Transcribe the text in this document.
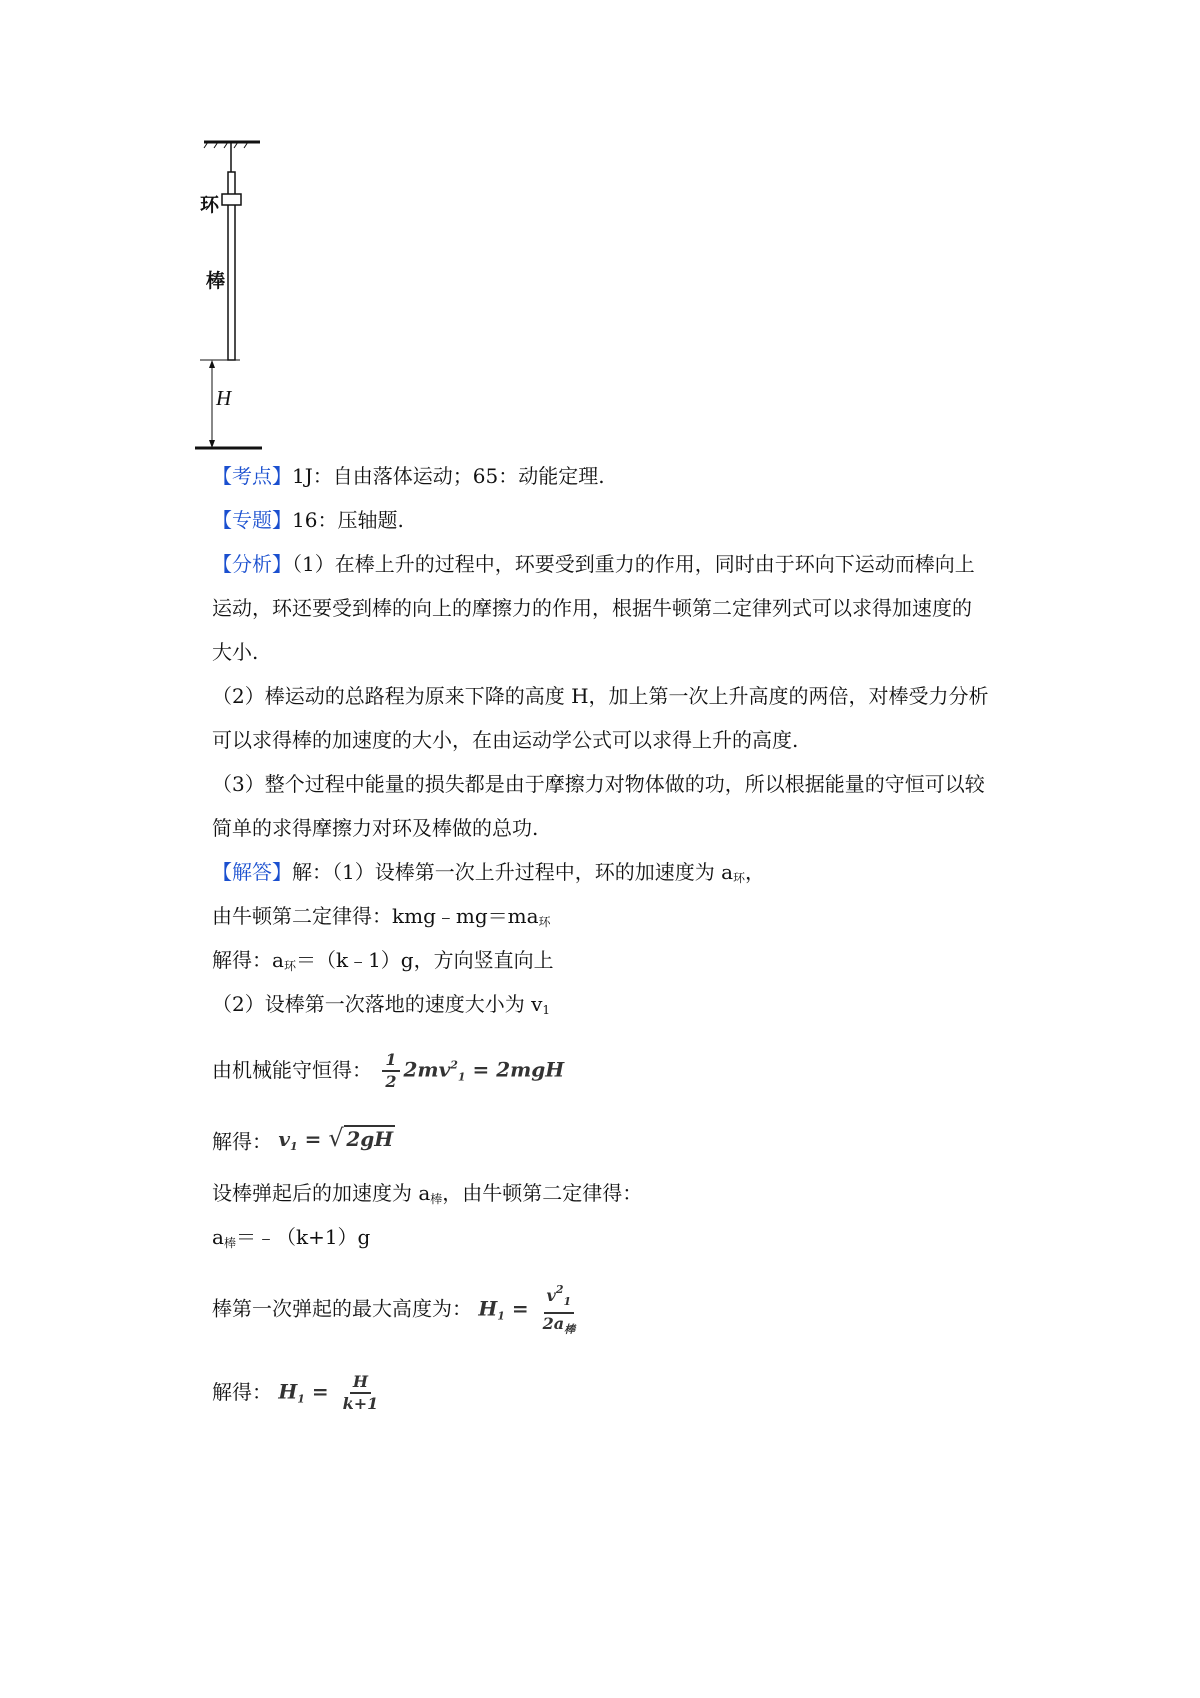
环
棒
H
【考点】1J：自由落体运动；65：动能定理.
【专题】16：压轴题.
【分析】（1）在棒上升的过程中，环要受到重力的作用，同时由于环向下运动而棒向上
运动，环还要受到棒的向上的摩擦力的作用，根据牛顿第二定律列式可以求得加速度的
大小.
（2）棒运动的总路程为原来下降的高度 H，加上第一次上升高度的两倍，对棒受力分析
可以求得棒的加速度的大小，在由运动学公式可以求得上升的高度.
（3）整个过程中能量的损失都是由于摩擦力对物体做的功，所以根据能量的守恒可以较
简单的求得摩擦力对环及棒做的总功.
【解答】解：（1）设棒第一次上升过程中，环的加速度为 $a_环$，
由牛顿第二定律得：$kmg﹣mg=ma_环$
解得：$a_环=(k﹣1)g$，方向竖直向上
（2）设棒第一次落地的速度大小为 $v_1$
由机械能守恒得： $\frac{1}{2} 2mv^2_1 = 2mgH$
解得： $v_1$ = √ 2gH
设棒弹起后的加速度为 $a_棒$，由牛顿第二定律得：
$a_棒=﹣(k+1)g$
棒第一次弹起的最大高度为： $H_1 = \frac{v^2_1}{2a_棒}$
解得： $H_1 = \frac{H}{k+1}$
